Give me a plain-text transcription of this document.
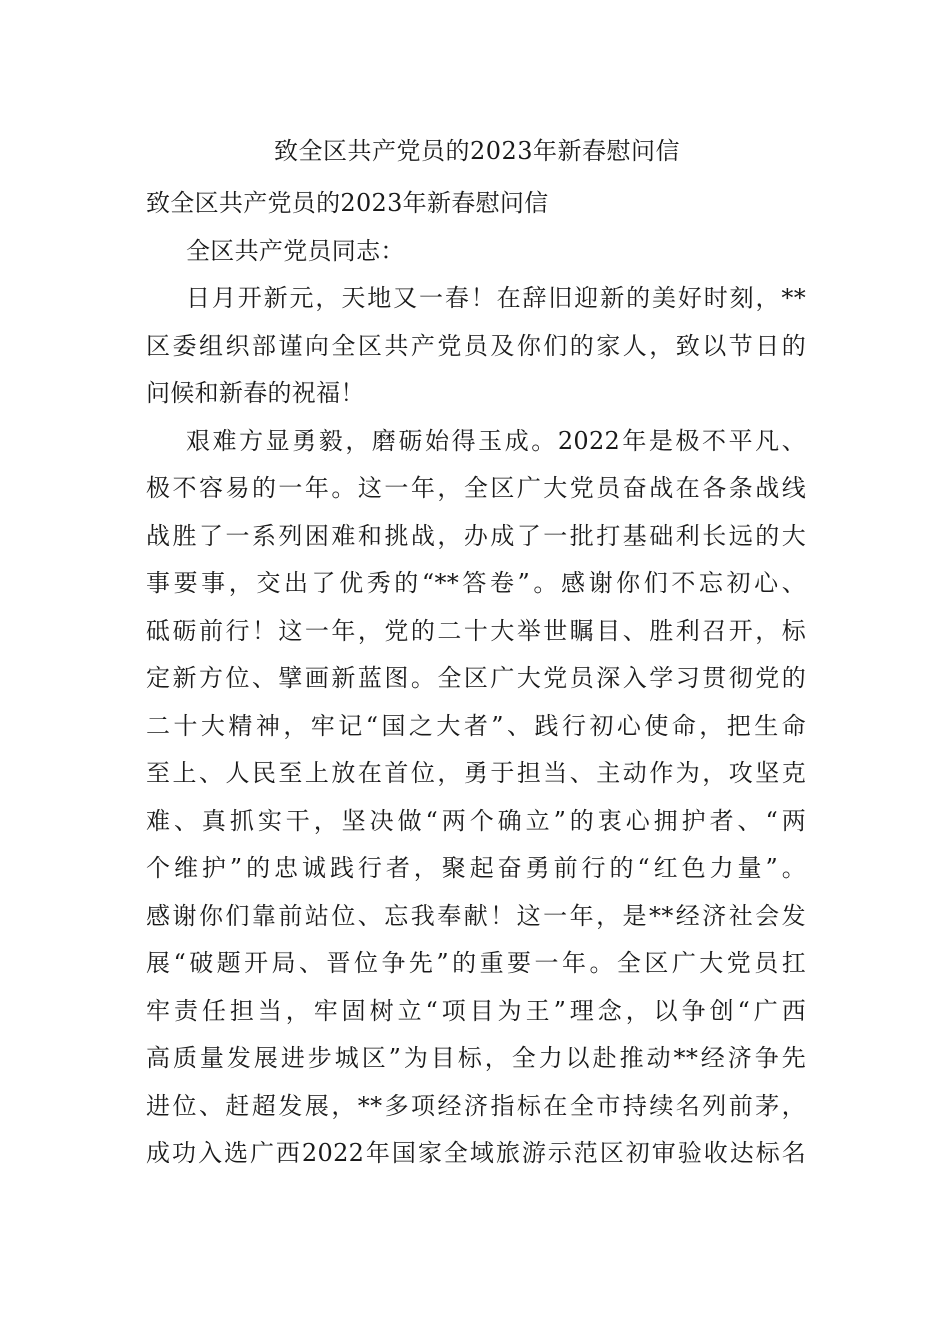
致全区共产党员的2023年新春慰问信
致全区共产党员的2023年新春慰问信
全区共产党员同志：
日月开新元，天地又一春！在辞旧迎新的美好时刻，**
区委组织部谨向全区共产党员及你们的家人，致以节日的
问候和新春的祝福！
艰难方显勇毅，磨砺始得玉成。2022年是极不平凡、
极不容易的一年。这一年，全区广大党员奋战在各条战线
战胜了一系列困难和挑战，办成了一批打基础利长远的大
事要事，交出了优秀的“**答卷”。感谢你们不忘初心、
砥砺前行！这一年，党的二十大举世瞩目、胜利召开，标
定新方位、擘画新蓝图。全区广大党员深入学习贯彻党的
二十大精神，牢记“国之大者”、践行初心使命，把生命
至上、人民至上放在首位，勇于担当、主动作为，攻坚克
难、真抓实干，坚决做“两个确立”的衷心拥护者、“两
个维护”的忠诚践行者，聚起奋勇前行的“红色力量”。
感谢你们靠前站位、忘我奉献！这一年，是**经济社会发
展“破题开局、晋位争先”的重要一年。全区广大党员扛
牢责任担当，牢固树立“项目为王”理念，以争创“广西
高质量发展进步城区”为目标，全力以赴推动**经济争先
进位、赶超发展，**多项经济指标在全市持续名列前茅，
成功入选广西2022年国家全域旅游示范区初审验收达标名
